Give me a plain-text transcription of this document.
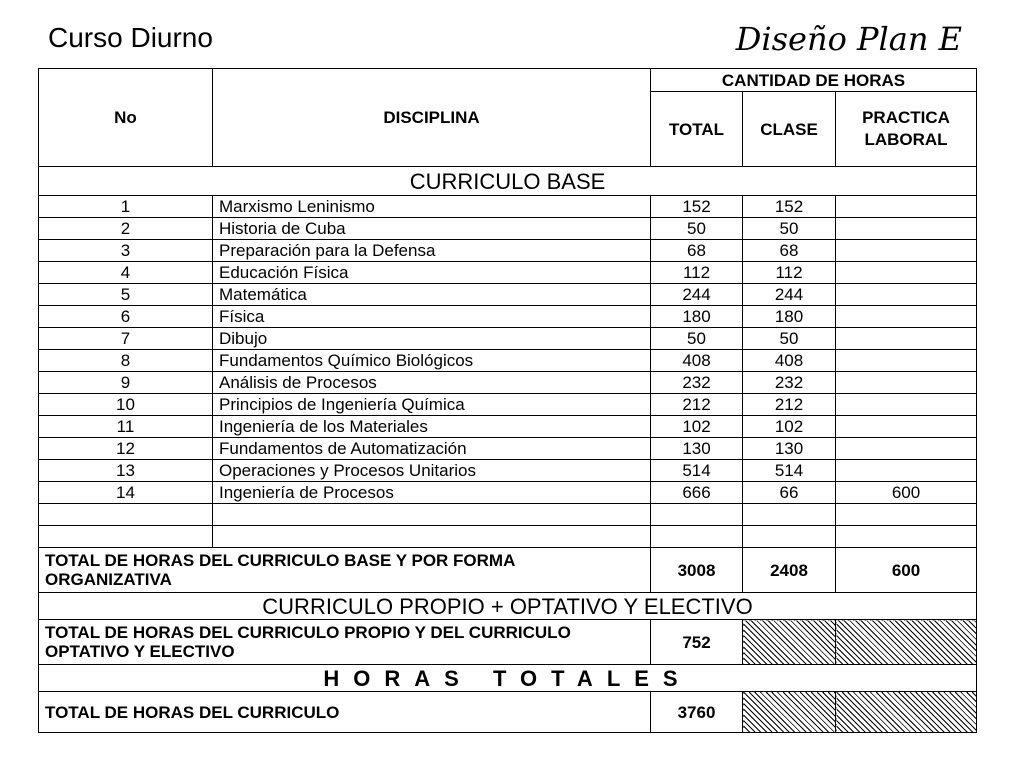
Curso Diurno	Diseño Plan E
No	DISCIPLINA	CANTIDAD DE HORAS		
		TOTAL	CLASE	PRACTICA LABORAL
CURRICULO BASE				
1	Marxismo Leninismo	152	152	
2	Historia de Cuba	50	50	
3	Preparación para la Defensa	68	68	
4	Educación Física	112	112	
5	Matemática	244	244	
6	Física	180	180	
7	Dibujo	50	50	
8	Fundamentos Químico Biológicos	408	408	
9	Análisis de Procesos	232	232	
10	Principios de Ingeniería Química	212	212	
11	Ingeniería de los Materiales	102	102	
12	Fundamentos de Automatización	130	130	
13	Operaciones y Procesos Unitarios	514	514	
14	Ingeniería de Procesos	666	66	600

TOTAL DE HORAS DEL CURRICULO BASE Y POR FORMA ORGANIZATIVA		3008	2408	600
CURRICULO PROPIO + OPTATIVO Y ELECTIVO				
TOTAL DE HORAS DEL CURRICULO PROPIO Y DEL CURRICULO OPTATIVO Y ELECTIVO		752		
HORAS TOTALES				
TOTAL DE HORAS DEL CURRICULO		3760		
